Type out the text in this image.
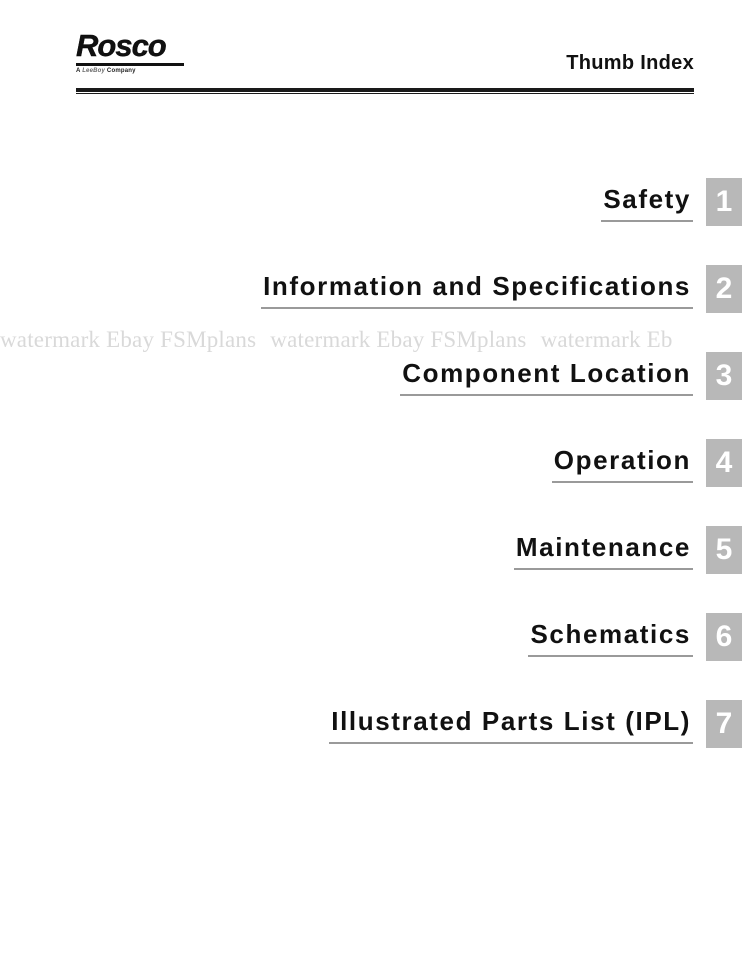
Rosco
A LeeBoy Company	Thumb Index
Safety 1
Information and Specifications 2
Component Location 3
Operation 4
Maintenance 5
Schematics 6
Illustrated Parts List (IPL) 7
watermark Ebay FSMplans watermark Ebay FSMplans watermark Eb
